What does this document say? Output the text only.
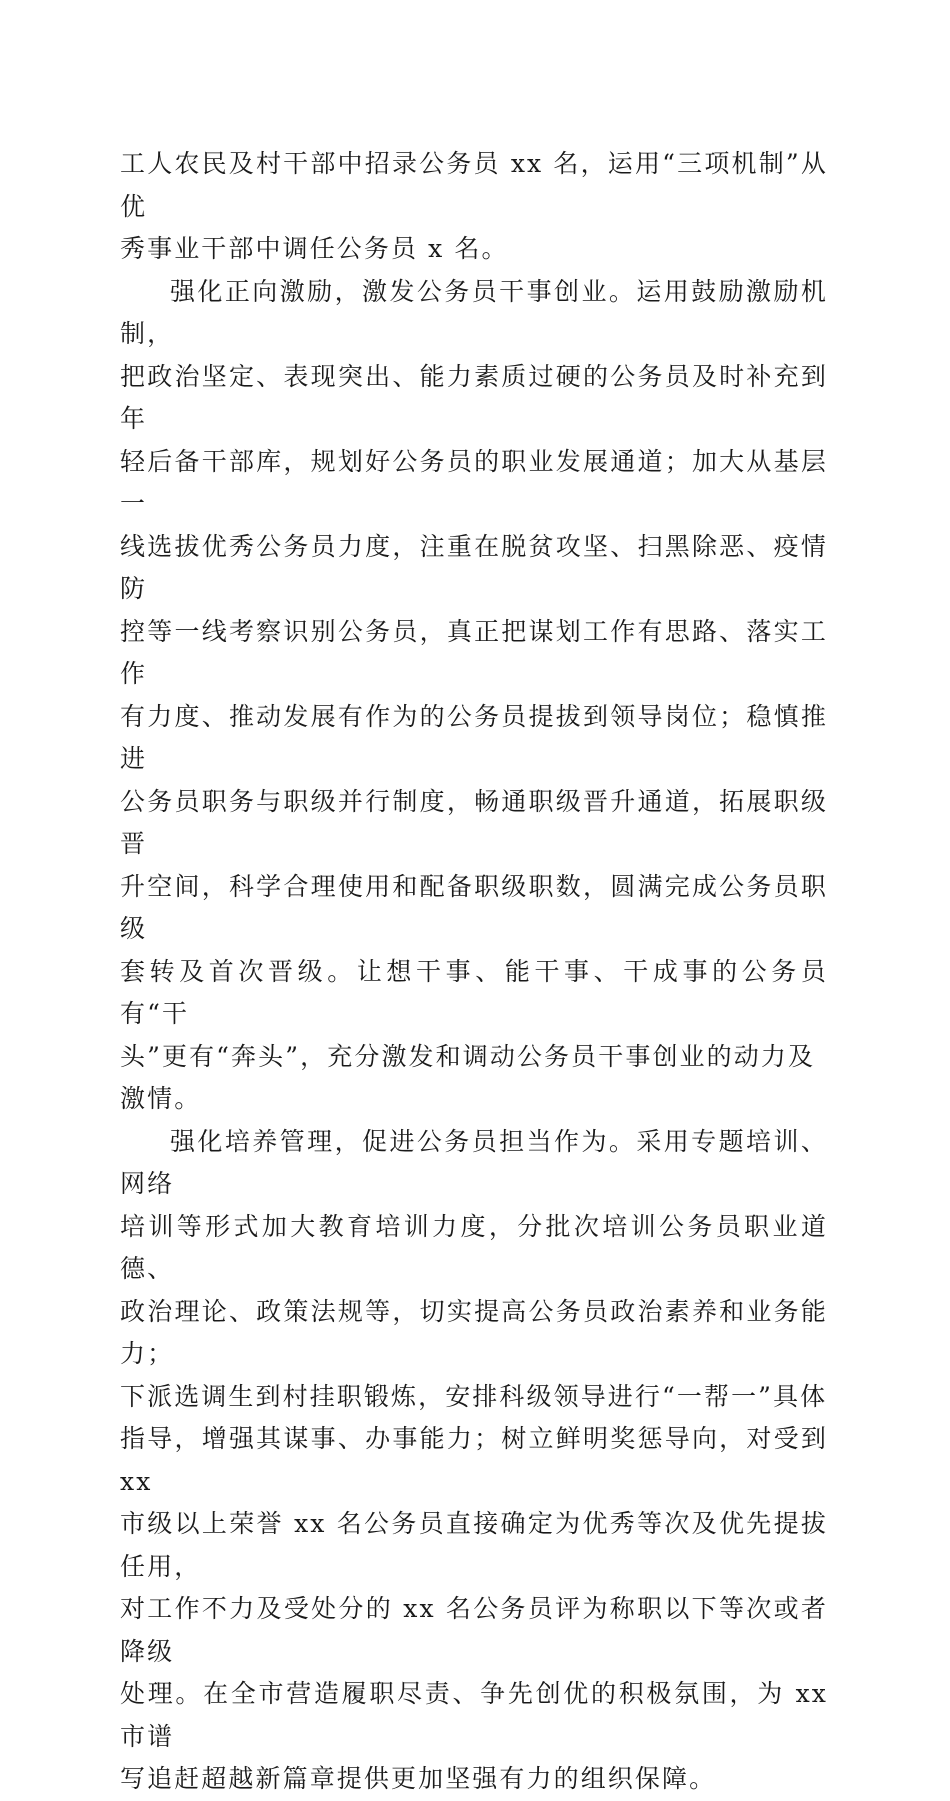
工人农民及村干部中招录公务员 xx 名，运用“三项机制”从优
秀事业干部中调任公务员 x 名。

强化正向激励，激发公务员干事创业。运用鼓励激励机制，
把政治坚定、表现突出、能力素质过硬的公务员及时补充到年
轻后备干部库，规划好公务员的职业发展通道；加大从基层一
线选拔优秀公务员力度，注重在脱贫攻坚、扫黑除恶、疫情防
控等一线考察识别公务员，真正把谋划工作有思路、落实工作
有力度、推动发展有作为的公务员提拔到领导岗位；稳慎推进
公务员职务与职级并行制度，畅通职级晋升通道，拓展职级晋
升空间，科学合理使用和配备职级职数，圆满完成公务员职级
套转及首次晋级。让想干事、能干事、干成事的公务员有“干
头”更有“奔头”，充分激发和调动公务员干事创业的动力及
激情。

强化培养管理，促进公务员担当作为。采用专题培训、网络
培训等形式加大教育培训力度，分批次培训公务员职业道德、
政治理论、政策法规等，切实提高公务员政治素养和业务能力；
下派选调生到村挂职锻炼，安排科级领导进行“一帮一”具体
指导，增强其谋事、办事能力；树立鲜明奖惩导向，对受到 xx
市级以上荣誉 xx 名公务员直接确定为优秀等次及优先提拔任用，
对工作不力及受处分的 xx 名公务员评为称职以下等次或者降级
处理。在全市营造履职尽责、争先创优的积极氛围，为 xx 市谱
写追赶超越新篇章提供更加坚强有力的组织保障。
